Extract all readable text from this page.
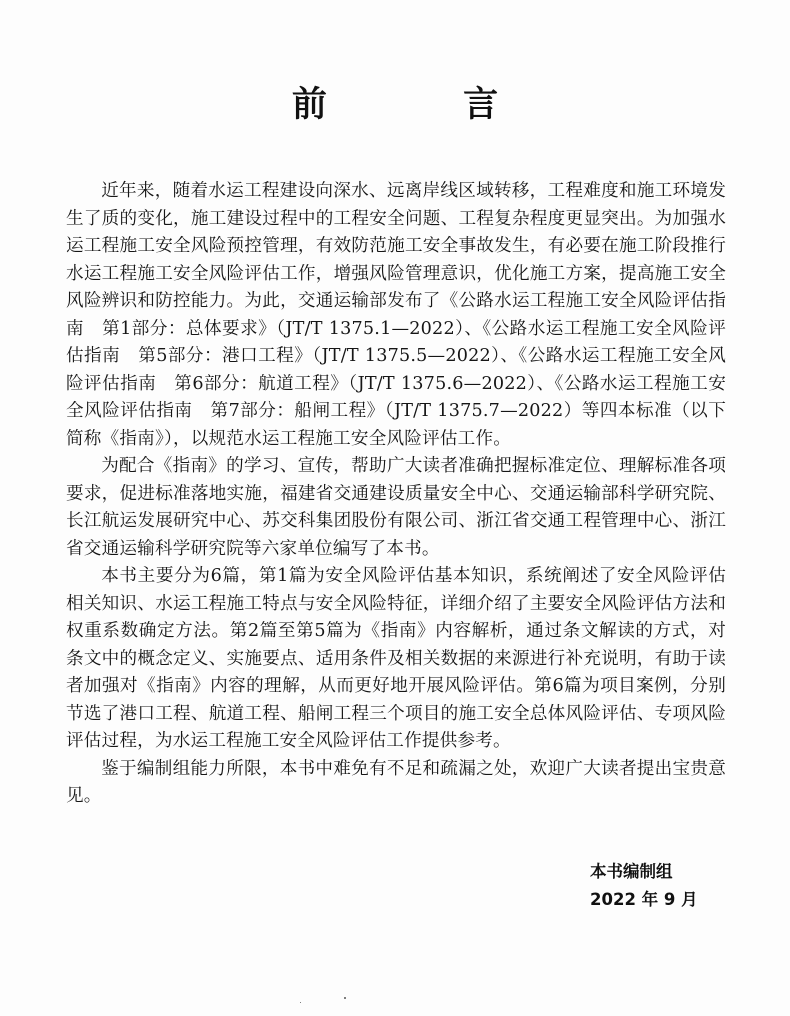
前 言

近年来，随着水运工程建设向深水、远离岸线区域转移，工程难度和施工环境发生了质的变化，施工建设过程中的工程安全问题、工程复杂程度更显突出。为加强水运工程施工安全风险预控管理，有效防范施工安全事故发生，有必要在施工阶段推行水运工程施工安全风险评估工作，增强风险管理意识，优化施工方案，提高施工安全风险辨识和防控能力。为此，交通运输部发布了《公路水运工程施工安全风险评估指南　第1部分：总体要求》（JT/T 1375.1—2022）、《公路水运工程施工安全风险评估指南　第5部分：港口工程》（JT/T 1375.5—2022）、《公路水运工程施工安全风险评估指南　第6部分：航道工程》（JT/T 1375.6—2022）、《公路水运工程施工安全风险评估指南　第7部分：船闸工程》（JT/T 1375.7—2022）等四本标准（以下简称《指南》），以规范水运工程施工安全风险评估工作。

为配合《指南》的学习、宣传，帮助广大读者准确把握标准定位、理解标准各项要求，促进标准落地实施，福建省交通建设质量安全中心、交通运输部科学研究院、长江航运发展研究中心、苏交科集团股份有限公司、浙江省交通工程管理中心、浙江省交通运输科学研究院等六家单位编写了本书。

本书主要分为6篇，第1篇为安全风险评估基本知识，系统阐述了安全风险评估相关知识、水运工程施工特点与安全风险特征，详细介绍了主要安全风险评估方法和权重系数确定方法。第2篇至第5篇为《指南》内容解析，通过条文解读的方式，对条文中的概念定义、实施要点、适用条件及相关数据的来源进行补充说明，有助于读者加强对《指南》内容的理解，从而更好地开展风险评估。第6篇为项目案例，分别节选了港口工程、航道工程、船闸工程三个项目的施工安全总体风险评估、专项风险评估过程，为水运工程施工安全风险评估工作提供参考。

鉴于编制组能力所限，本书中难免有不足和疏漏之处，欢迎广大读者提出宝贵意见。

本书编制组
2022 年 9 月
